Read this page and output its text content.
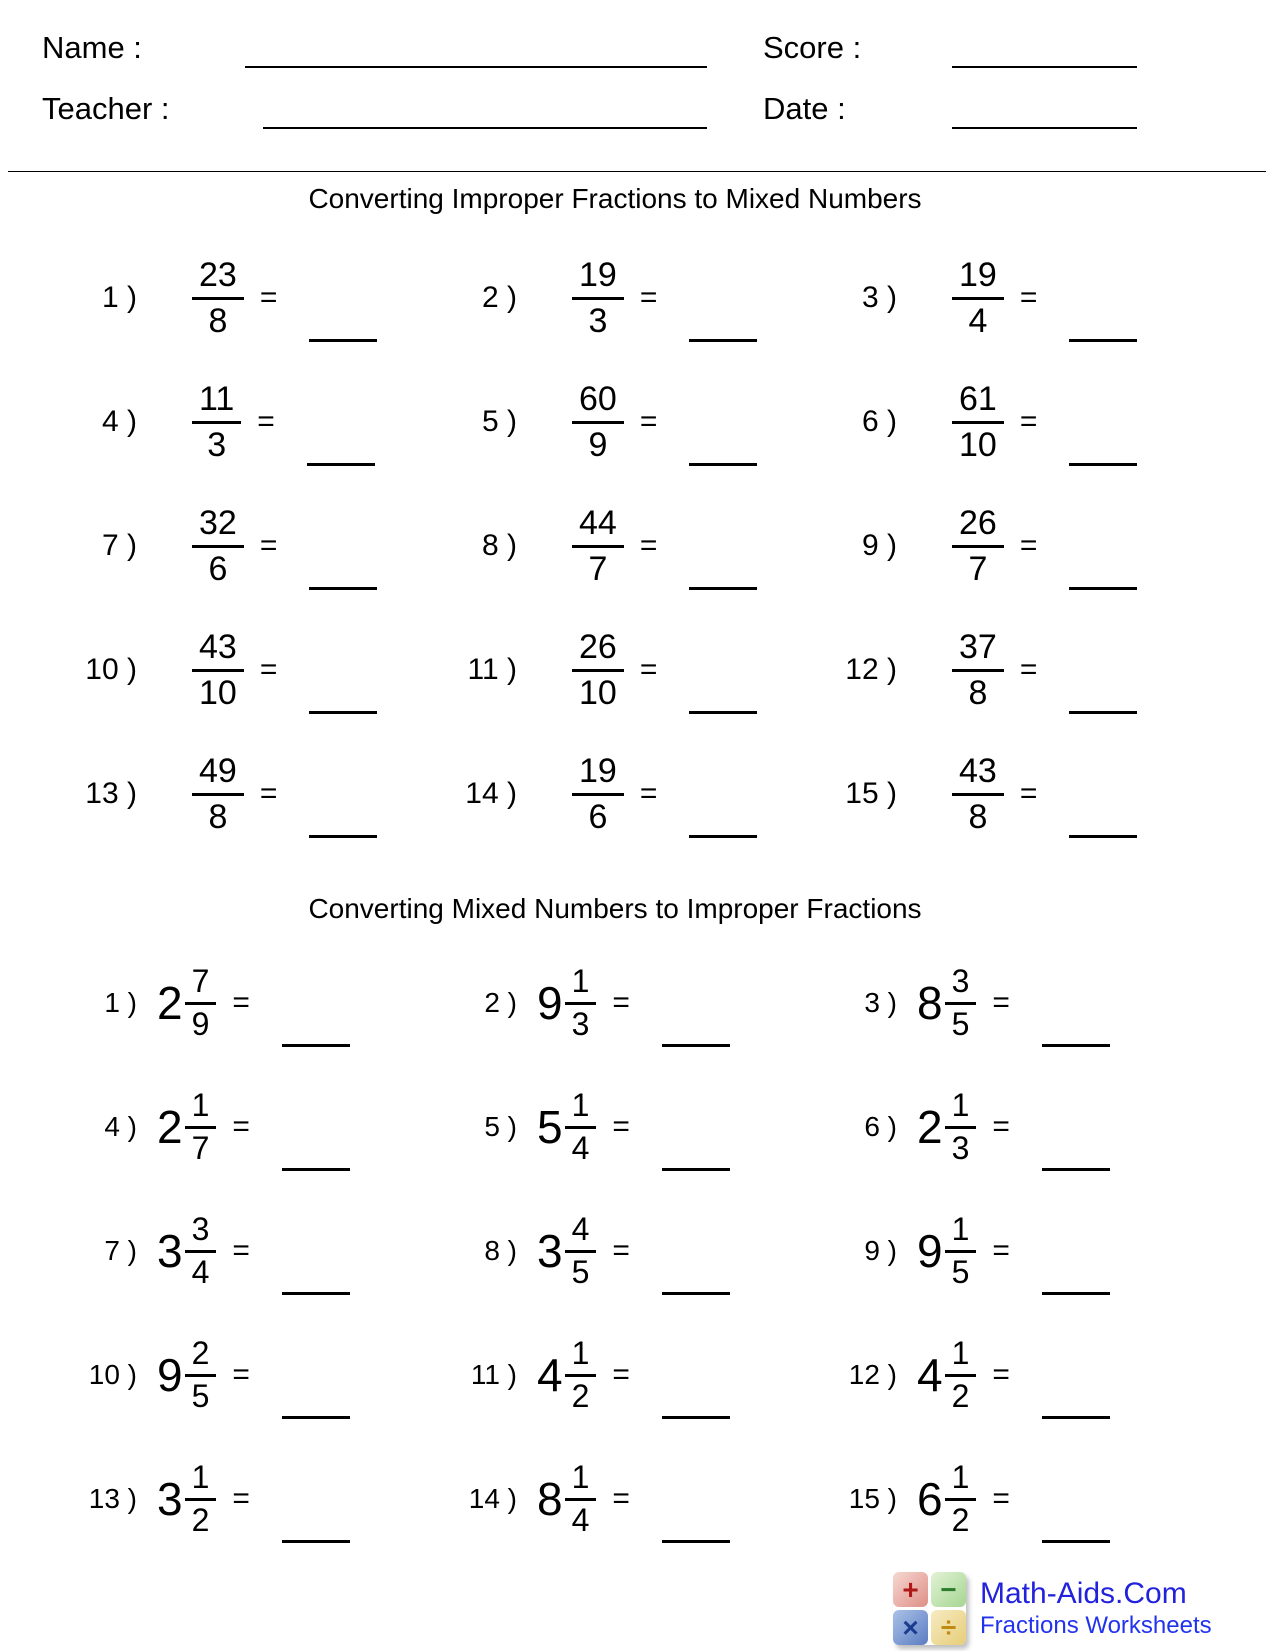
Name :	Score :
Teacher :	Date :
Converting Improper Fractions to Mixed Numbers
1 ) $\frac{23}{8}$ =	2 ) $\frac{19}{3}$ =	3 ) $\frac{19}{4}$ =
4 ) $\frac{11}{3}$ =	5 ) $\frac{60}{9}$ =	6 ) $\frac{61}{10}$ =
7 ) $\frac{32}{6}$ =	8 ) $\frac{44}{7}$ =	9 ) $\frac{26}{7}$ =
10 ) $\frac{43}{10}$ =	11 ) $\frac{26}{10}$ =	12 ) $\frac{37}{8}$ =
13 ) $\frac{49}{8}$ =	14 ) $\frac{19}{6}$ =	15 ) $\frac{43}{8}$ =
Converting Mixed Numbers to Improper Fractions
1 ) $2 \frac{7}{9}$ =	2 ) $9 \frac{1}{3}$ =	3 ) $8 \frac{3}{5}$ =
4 ) $2 \frac{1}{7}$ =	5 ) $5 \frac{1}{4}$ =	6 ) $2 \frac{1}{3}$ =
7 ) $3 \frac{3}{4}$ =	8 ) $3 \frac{4}{5}$ =	9 ) $9 \frac{1}{5}$ =
10 ) $9 \frac{2}{5}$ =	11 ) $4 \frac{1}{2}$ =	12 ) $4 \frac{1}{2}$ =
13 ) $3 \frac{1}{2}$ =	14 ) $8 \frac{1}{4}$ =	15 ) $6 \frac{1}{2}$ =
+ −
× ÷
Math-Aids.Com
Fractions Worksheets
